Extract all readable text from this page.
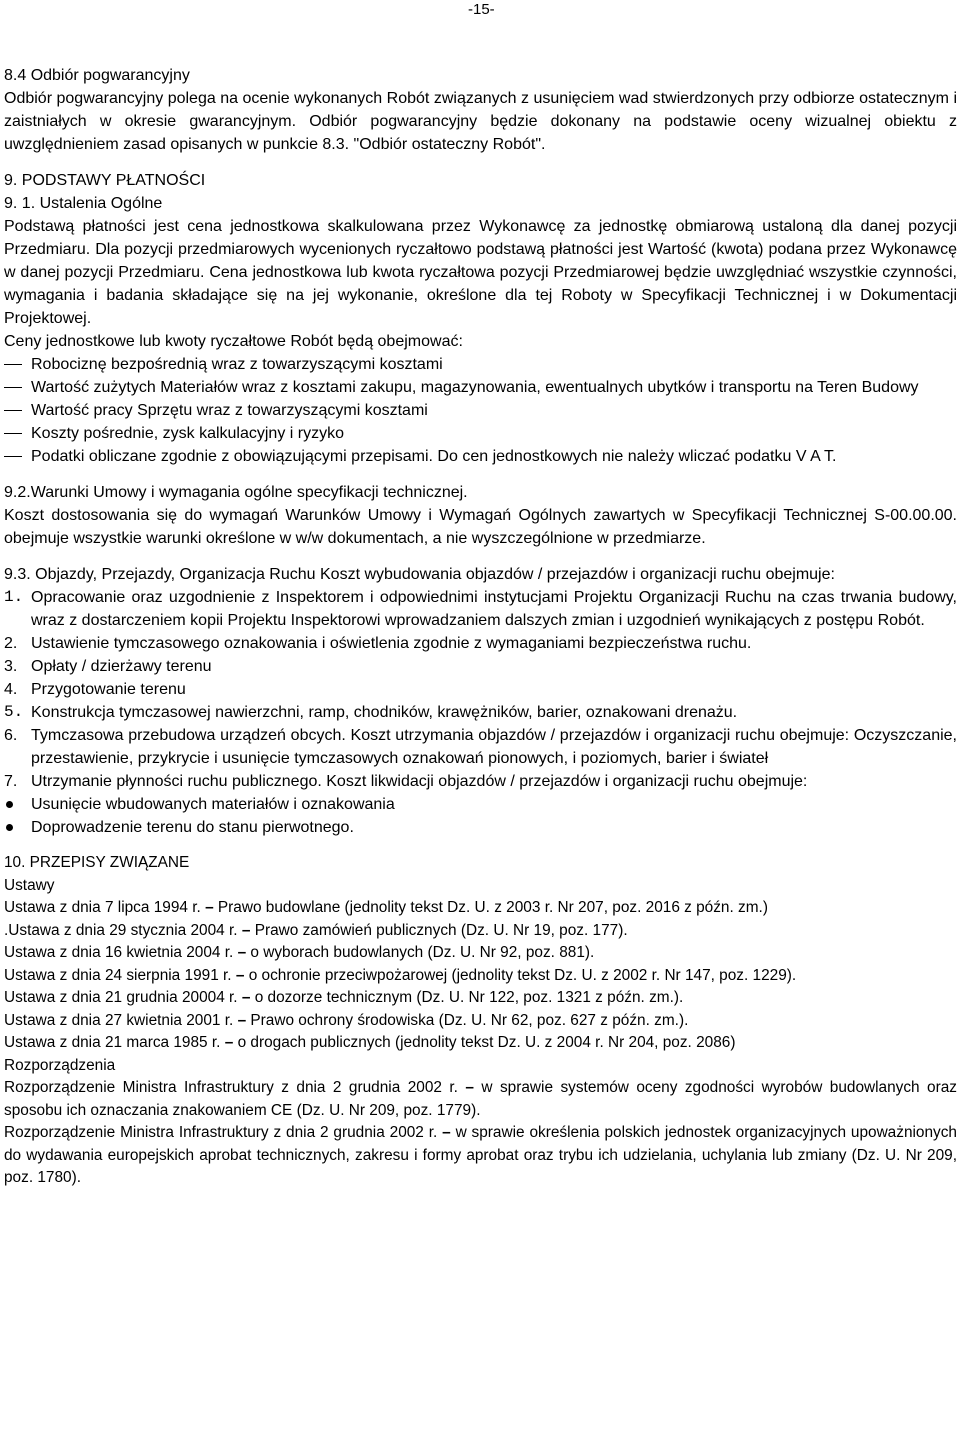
-15-

8.4 Odbiór pogwarancyjny

Odbiór pogwarancyjny polega na ocenie wykonanych Robót związanych z usunięciem wad stwierdzonych przy odbiorze ostatecznym i zaistniałych w okresie gwarancyjnym. Odbiór pogwarancyjny będzie dokonany na podstawie oceny wizualnej obiektu z uwzględnieniem zasad opisanych w punkcie 8.3. "Odbiór ostateczny Robót".

9. PODSTAWY PŁATNOŚCI

9. 1. Ustalenia Ogólne

Podstawą płatności jest cena jednostkowa skalkulowana przez Wykonawcę za jednostkę obmiarową ustaloną dla danej pozycji Przedmiaru. Dla pozycji przedmiarowych wycenionych ryczałtowo podstawą płatności jest Wartość (kwota) podana przez Wykonawcę w danej pozycji Przedmiaru. Cena jednostkowa lub kwota ryczałtowa pozycji Przedmiarowej będzie uwzględniać wszystkie czynności, wymagania i badania składające się na jej wykonanie, określone dla tej Roboty w Specyfikacji Technicznej i w Dokumentacji Projektowej.

Ceny jednostkowe lub kwoty ryczałtowe Robót będą obejmować:

Robociznę bezpośrednią wraz z towarzyszącymi kosztami
Wartość zużytych Materiałów wraz z kosztami zakupu, magazynowania, ewentualnych ubytków i transportu na Teren Budowy
Wartość pracy Sprzętu wraz z towarzyszącymi kosztami
Koszty pośrednie, zysk kalkulacyjny i ryzyko
Podatki obliczane zgodnie z obowiązującymi przepisami. Do cen jednostkowych nie należy wliczać podatku V A T.

9.2.Warunki Umowy i wymagania ogólne specyfikacji technicznej.

Koszt dostosowania się do wymagań Warunków Umowy i Wymagań Ogólnych zawartych w Specyfikacji Technicznej S-00.00.00. obejmuje wszystkie warunki określone w w/w dokumentach, a nie wyszczególnione w przedmiarze.

9.3. Objazdy, Przejazdy, Organizacja Ruchu Koszt wybudowania objazdów / przejazdów i organizacji ruchu obejmuje:

1. Opracowanie oraz uzgodnienie z Inspektorem i odpowiednimi instytucjami Projektu Organizacji Ruchu na czas trwania budowy, wraz z dostarczeniem kopii Projektu Inspektorowi wprowadzaniem dalszych zmian i uzgodnień wynikających z postępu Robót.
2. Ustawienie tymczasowego oznakowania i oświetlenia zgodnie z wymaganiami bezpieczeństwa ruchu.
3. Opłaty / dzierżawy terenu
4. Przygotowanie terenu
5. Konstrukcja tymczasowej nawierzchni, ramp, chodników, krawężników, barier, oznakowani drenażu.
6. Tymczasowa przebudowa urządzeń obcych. Koszt utrzymania objazdów / przejazdów i organizacji ruchu obejmuje: Oczyszczanie, przestawienie, przykrycie i usunięcie tymczasowych oznakowań pionowych, i poziomych, barier i świateł
7. Utrzymanie płynności ruchu publicznego. Koszt likwidacji objazdów / przejazdów i organizacji ruchu obejmuje:
Usunięcie wbudowanych materiałów i oznakowania
Doprowadzenie terenu do stanu pierwotnego.

10. PRZEPISY ZWIĄZANE

Ustawy

Ustawa z dnia 7 lipca 1994 r. – Prawo budowlane (jednolity tekst Dz. U. z 2003 r. Nr 207, poz. 2016 z późn. zm.)

.Ustawa z dnia 29 stycznia 2004 r. – Prawo zamówień publicznych (Dz. U. Nr 19, poz. 177).

Ustawa z dnia 16 kwietnia 2004 r. – o wyborach budowlanych (Dz. U. Nr 92, poz. 881).

Ustawa z dnia 24 sierpnia 1991 r. – o ochronie przeciwpożarowej (jednolity tekst Dz. U. z 2002 r. Nr 147, poz. 1229).

Ustawa z dnia 21 grudnia 20004 r. – o dozorze technicznym (Dz. U. Nr 122, poz. 1321 z późn. zm.).

Ustawa z dnia 27 kwietnia 2001 r. – Prawo ochrony środowiska (Dz. U. Nr 62, poz. 627 z późn. zm.).

Ustawa z dnia 21 marca 1985 r. – o drogach publicznych (jednolity tekst Dz. U. z 2004 r. Nr 204, poz. 2086)

Rozporządzenia

Rozporządzenie Ministra Infrastruktury z dnia 2 grudnia 2002 r. – w sprawie systemów oceny zgodności wyrobów budowlanych oraz sposobu ich oznaczania znakowaniem CE (Dz. U. Nr 209, poz. 1779).

Rozporządzenie Ministra Infrastruktury z dnia 2 grudnia 2002 r. – w sprawie określenia polskich jednostek organizacyjnych upoważnionych do wydawania europejskich aprobat technicznych, zakresu i formy aprobat oraz trybu ich udzielania, uchylania lub zmiany (Dz. U. Nr 209, poz. 1780).
